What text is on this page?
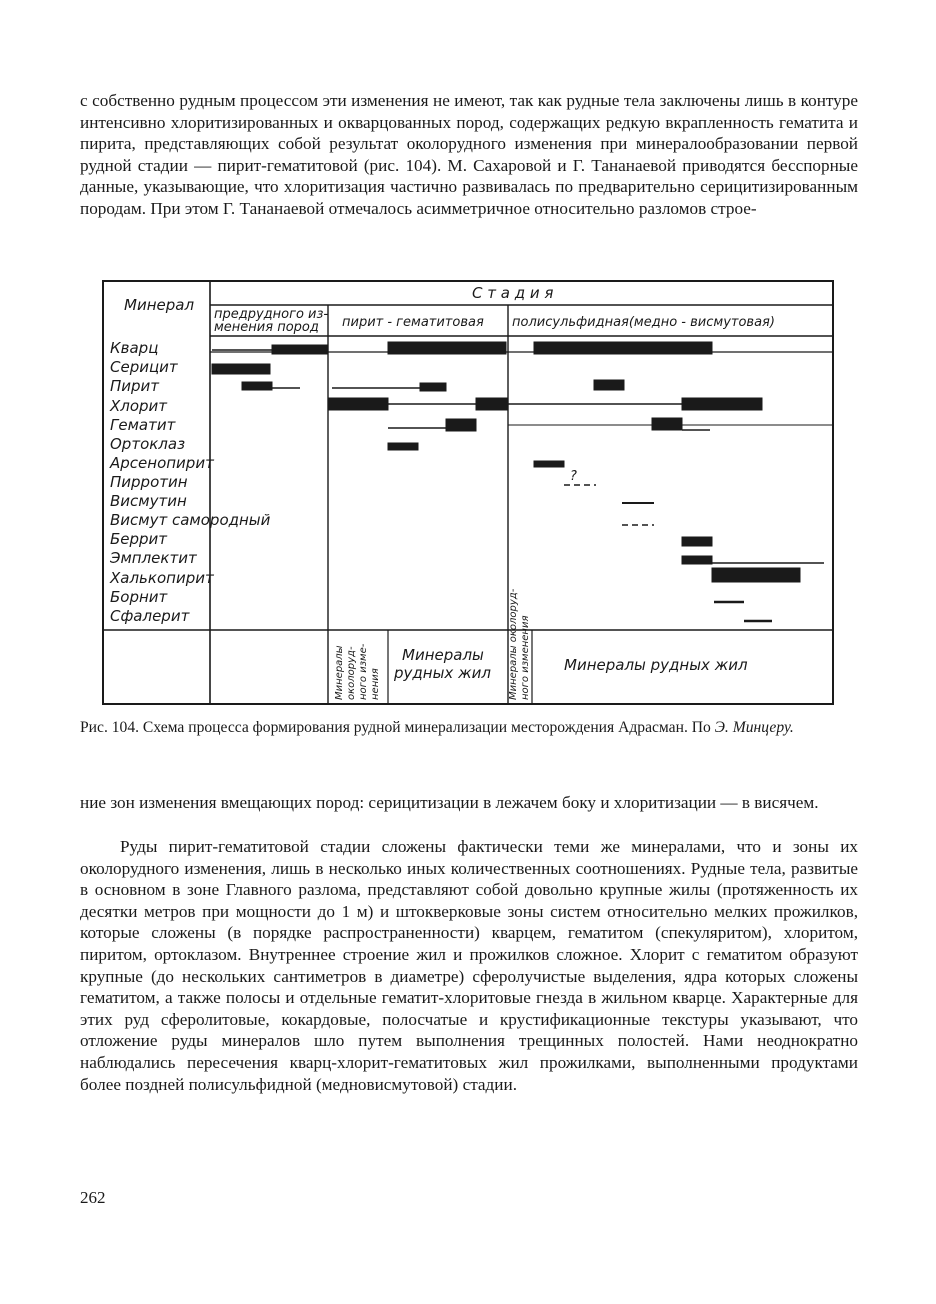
с собственно рудным процессом эти изменения не имеют, так как рудные тела заключены лишь в контуре интенсивно хлоритизированных и окварцованных пород, содержащих редкую вкрапленность гематита и пирита, представляющих собой результат околорудного изменения при минералообразовании первой рудной стадии — пирит-гематитовой (рис. 104). М. Сахаровой и Г. Тананаевой приводятся бесспорные данные, указывающие, что хлоритизация частично развивалась по предварительно серицитизированным породам. При этом Г. Тананаевой отмечалось асимметричное относительно разломов строе-

Минерал
С т а д и я
предрудного из-
менения пород пирит - гематитовая полисульфидная(медно - висмутовая)
Кварц
Серицит
Пирит
Хлорит
Гематит
Ортоклаз
Арсенопирит
Пирротин
Висмутин
Висмут самородный
Беррит
Эмплектит
Халькопирит
Борнит
Сфалерит
?
Минералы околоруд- ного изме- нения
Минералы
рудных жил Минералы околоруд- ного изменения Минералы рудных жил

Рис. 104. Схема процесса формирования рудной минерализации месторождения Адрасман. По Э. Минцеру.

ние зон изменения вмещающих пород: серицитизации в лежачем боку и хлоритизации — в висячем.

Руды пирит-гематитовой стадии сложены фактически теми же минералами, что и зоны их околорудного изменения, лишь в несколько иных количественных соотношениях. Рудные тела, развитые в основном в зоне Главного разлома, представляют собой довольно крупные жилы (протяженность их десятки метров при мощности до 1 м) и штокверковые зоны систем относительно мелких прожилков, которые сложены (в порядке распространенности) кварцем, гематитом (спекуляритом), хлоритом, пиритом, ортоклазом. Внутреннее строение жил и прожилков сложное. Хлорит с гематитом образуют крупные (до нескольких сантиметров в диаметре) сферолучистые выделения, ядра которых сложены гематитом, а также полосы и отдельные гематит-хлоритовые гнезда в жильном кварце. Характерные для этих руд сферолитовые, кокардовые, полосчатые и крустификационные текстуры указывают, что отложение руды минералов шло путем выполнения трещинных полостей. Нами неоднократно наблюдались пересечения кварц-хлорит-гематитовых жил прожилками, выполненными продуктами более поздней полисульфидной (медновисмутовой) стадии.

262
